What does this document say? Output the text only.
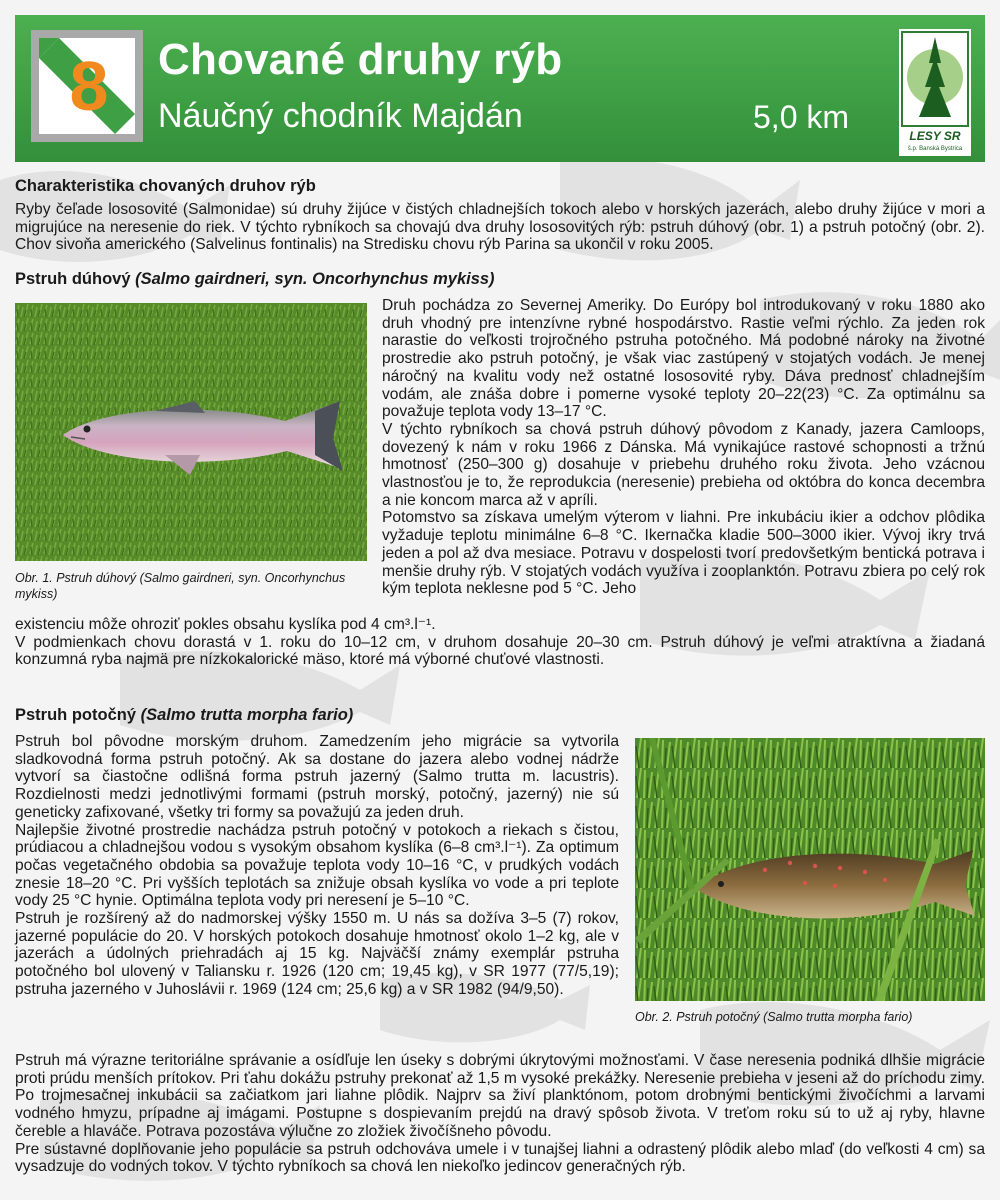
8 Chované druhy rýb
Náučný chodník Majdán	5,0 km
LESY SR
š.p. Banská Bystrica
Charakteristika chovaných druhov rýb

Ryby čeľade lososovité (Salmonidae) sú druhy žijúce v čistých chladnejších tokoch alebo v horských jazerách, alebo druhy žijúce v mori a migrujúce na neresenie do riek. V týchto rybníkoch sa chovajú dva druhy lososovitých rýb: pstruh dúhový (obr. 1) a pstruh potočný (obr. 2). Chov sivoňa amerického (Salvelinus fontinalis) na Stredisku chovu rýb Parina sa ukončil v roku 2005.

Pstruh dúhový (Salmo gairdneri, syn. Oncorhynchus mykiss)
Obr. 1. Pstruh dúhový (Salmo gairdneri, syn. Oncorhynchus mykiss)

Druh pochádza zo Severnej Ameriky. Do Európy bol introdukovaný v roku 1880 ako druh vhodný pre intenzívne rybné hospodárstvo. Rastie veľmi rýchlo. Za jeden rok narastie do veľkosti trojročného pstruha potočného. Má podobné nároky na životné prostredie ako pstruh potočný, je však viac zastúpený v stojatých vodách. Je menej náročný na kvalitu vody než ostatné lososovité ryby. Dáva prednosť chladnejším vodám, ale znáša dobre i pomerne vysoké teploty 20–22(23) °C. Za optimálnu sa považuje teplota vody 13–17 °C.

V týchto rybníkoch sa chová pstruh dúhový pôvodom z Kanady, jazera Camloops, dovezený k nám v roku 1966 z Dánska. Má vynikajúce rastové schopnosti a tržnú hmotnosť (250–300 g) dosahuje v priebehu druhého roku života. Jeho vzácnou vlastnosťou je to, že reprodukcia (neresenie) prebieha od októbra do konca decembra a nie koncom marca až v apríli.

Potomstvo sa získava umelým výterom v liahni. Pre inkubáciu ikier a odchov plôdika vyžaduje teplotu minimálne 6–8 °C. Ikernačka kladie 500–3000 ikier. Vývoj ikry trvá jeden a pol až dva mesiace. Potravu v dospelosti tvorí predovšetkým bentická potrava i menšie druhy rýb. V stojatých vodách využíva i zooplanktón. Potravu zbiera po celý rok kým teplota neklesne pod 5 °C. Jeho

existenciu môže ohroziť pokles obsahu kyslíka pod 4 cm³.l⁻¹.

V podmienkach chovu dorastá v 1. roku do 10–12 cm, v druhom dosahuje 20–30 cm. Pstruh dúhový je veľmi atraktívna a žiadaná konzumná ryba najmä pre nízkokalorické mäso, ktoré má výborné chuťové vlastnosti.

Pstruh potočný (Salmo trutta morpha fario)

Pstruh bol pôvodne morským druhom. Zamedzením jeho migrácie sa vytvorila sladkovodná forma pstruh potočný. Ak sa dostane do jazera alebo vodnej nádrže vytvorí sa čiastočne odlišná forma pstruh jazerný (Salmo trutta m. lacustris). Rozdielnosti medzi jednotlivými formami (pstruh morský, potočný, jazerný) nie sú geneticky zafixované, všetky tri formy sa považujú za jeden druh.

Najlepšie životné prostredie nachádza pstruh potočný v potokoch a riekach s čistou, prúdiacou a chladnejšou vodou s vysokým obsahom kyslíka (6–8 cm³.l⁻¹). Za optimum počas vegetačného obdobia sa považuje teplota vody 10–16 °C, v prudkých vodách znesie 18–20 °C. Pri vyšších teplotách sa znižuje obsah kyslíka vo vode a pri teplote vody 25 °C hynie. Optimálna teplota vody pri neresení je 5–10 °C.

Pstruh je rozšírený až do nadmorskej výšky 1550 m. U nás sa dožíva 3–5 (7) rokov, jazerné populácie do 20. V horských potokoch dosahuje hmotnosť okolo 1–2 kg, ale v jazerách a údolných priehradách aj 15 kg. Najväčší známy exemplár pstruha potočného bol ulovený v Taliansku r. 1926 (120 cm; 19,45 kg), v SR 1977 (77/5,19); pstruha jazerného v Juhoslávii r. 1969 (124 cm; 25,6 kg) a v SR 1982 (94/9,50).

Obr. 2. Pstruh potočný (Salmo trutta morpha fario)

Pstruh má výrazne teritoriálne správanie a osídľuje len úseky s dobrými úkrytovými možnosťami. V čase neresenia podniká dlhšie migrácie proti prúdu menších prítokov. Pri ťahu dokážu pstruhy prekonať až 1,5 m vysoké prekážky. Neresenie prebieha v jeseni až do príchodu zimy. Po trojmesačnej inkubácii sa začiatkom jari liahne plôdik. Najprv sa živí planktónom, potom drobnými bentickými živočíchmi a larvami vodného hmyzu, prípadne aj imágami. Postupne s dospievaním prejdú na dravý spôsob života. V treťom roku sú to už aj ryby, hlavne čereble a hlaváče. Potrava pozostáva výlučne zo zložiek živočíšneho pôvodu.

Pre sústavné doplňovanie jeho populácie sa pstruh odchováva umele i v tunajšej liahni a odrastený plôdik alebo mlaď (do veľkosti 4 cm) sa vysadzuje do vodných tokov. V týchto rybníkoch sa chová len niekoľko jedincov generačných rýb.
